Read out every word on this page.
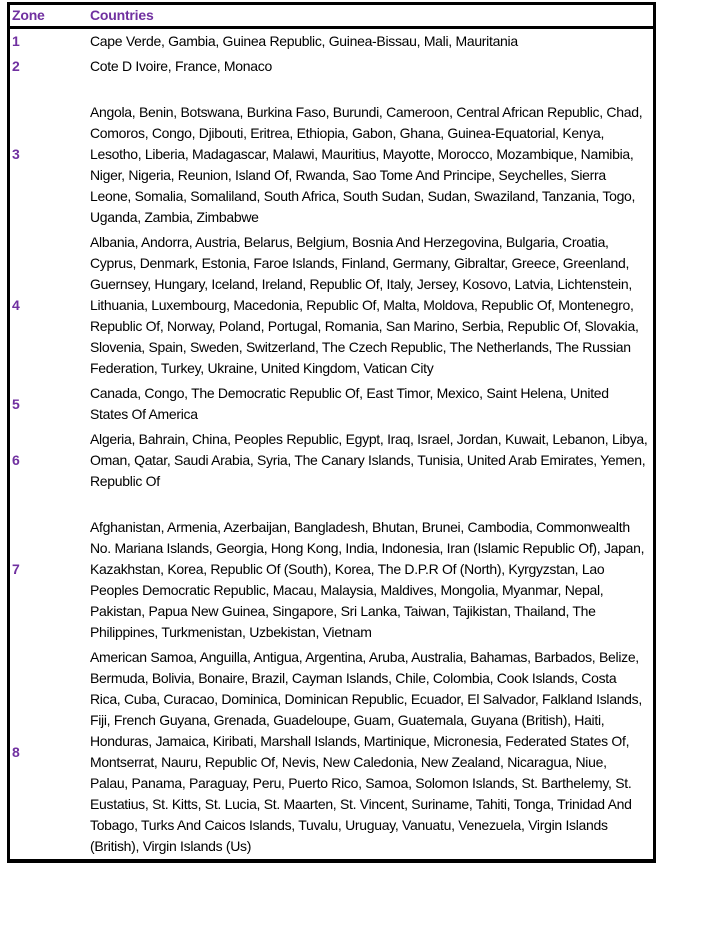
Zone	Countries
1	Cape Verde, Gambia, Guinea Republic, Guinea-Bissau, Mali, Mauritania
2	Cote D Ivoire, France, Monaco
3	Angola, Benin, Botswana, Burkina Faso, Burundi, Cameroon, Central African Republic, Chad, Comoros, Congo, Djibouti, Eritrea, Ethiopia, Gabon, Ghana, Guinea-Equatorial, Kenya, Lesotho, Liberia, Madagascar, Malawi, Mauritius, Mayotte, Morocco, Mozambique, Namibia, Niger, Nigeria, Reunion, Island Of, Rwanda, Sao Tome And Principe, Seychelles, Sierra Leone, Somalia, Somaliland, South Africa, South Sudan, Sudan, Swaziland, Tanzania, Togo, Uganda, Zambia, Zimbabwe
4	Albania, Andorra, Austria, Belarus, Belgium, Bosnia And Herzegovina, Bulgaria, Croatia, Cyprus, Denmark, Estonia, Faroe Islands, Finland, Germany, Gibraltar, Greece, Greenland, Guernsey, Hungary, Iceland, Ireland, Republic Of, Italy, Jersey, Kosovo, Latvia, Lichtenstein, Lithuania, Luxembourg, Macedonia, Republic Of, Malta, Moldova, Republic Of, Montenegro, Republic Of, Norway, Poland, Portugal, Romania, San Marino, Serbia, Republic Of, Slovakia, Slovenia, Spain, Sweden, Switzerland, The Czech Republic, The Netherlands, The Russian Federation, Turkey, Ukraine, United Kingdom, Vatican City
5	Canada, Congo, The Democratic Republic Of, East Timor, Mexico, Saint Helena, United States Of America
6	Algeria, Bahrain, China, Peoples Republic, Egypt, Iraq, Israel, Jordan, Kuwait, Lebanon, Libya, Oman, Qatar, Saudi Arabia, Syria, The Canary Islands, Tunisia, United Arab Emirates, Yemen, Republic Of
7	Afghanistan, Armenia, Azerbaijan, Bangladesh, Bhutan, Brunei, Cambodia, Commonwealth No. Mariana Islands, Georgia, Hong Kong, India, Indonesia, Iran (Islamic Republic Of), Japan, Kazakhstan, Korea, Republic Of (South), Korea, The D.P.R Of (North), Kyrgyzstan, Lao Peoples Democratic Republic, Macau, Malaysia, Maldives, Mongolia, Myanmar, Nepal, Pakistan, Papua New Guinea, Singapore, Sri Lanka, Taiwan, Tajikistan, Thailand, The Philippines, Turkmenistan, Uzbekistan, Vietnam
8	American Samoa, Anguilla, Antigua, Argentina, Aruba, Australia, Bahamas, Barbados, Belize, Bermuda, Bolivia, Bonaire, Brazil, Cayman Islands, Chile, Colombia, Cook Islands, Costa Rica, Cuba, Curacao, Dominica, Dominican Republic, Ecuador, El Salvador, Falkland Islands, Fiji, French Guyana, Grenada, Guadeloupe, Guam, Guatemala, Guyana (British), Haiti, Honduras, Jamaica, Kiribati, Marshall Islands, Martinique, Micronesia, Federated States Of, Montserrat, Nauru, Republic Of, Nevis, New Caledonia, New Zealand, Nicaragua, Niue, Palau, Panama, Paraguay, Peru, Puerto Rico, Samoa, Solomon Islands, St. Barthelemy, St. Eustatius, St. Kitts, St. Lucia, St. Maarten, St. Vincent, Suriname, Tahiti, Tonga, Trinidad And Tobago, Turks And Caicos Islands, Tuvalu, Uruguay, Vanuatu, Venezuela, Virgin Islands (British), Virgin Islands (Us)
